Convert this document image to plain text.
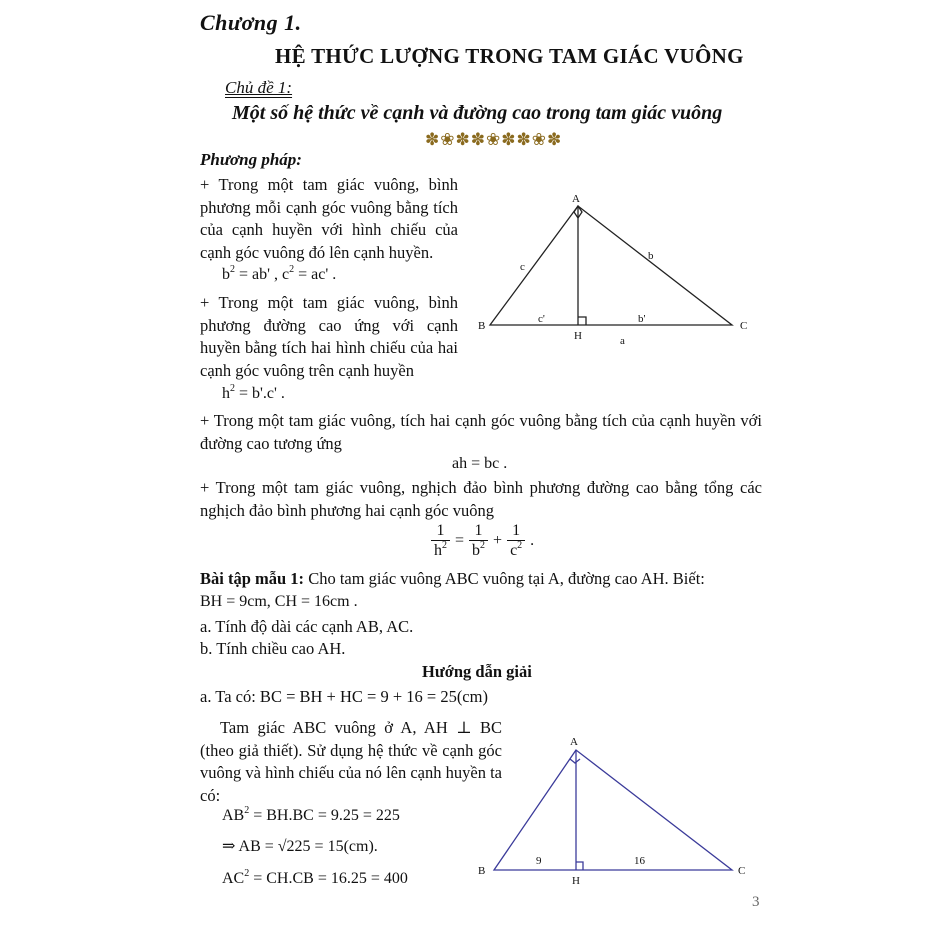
Chương 1.
HỆ THỨC LƯỢNG TRONG TAM GIÁC VUÔNG
Chủ đề 1:
Một số hệ thức về cạnh và đường cao trong tam giác vuông
✽❀✽✽❀✽✽❀✽
Phương pháp:
+ Trong một tam giác vuông, bình phương mỗi cạnh góc vuông bằng tích của cạnh huyền với hình chiếu của cạnh góc vuông đó lên cạnh huyền.
$b^2 = ab'$ , $c^2 = ac'$ .
+ Trong một tam giác vuông, bình phương đường cao ứng với cạnh huyền bằng tích hai hình chiếu của hai cạnh góc vuông trên cạnh huyền
$h^2 = b'.c'$ .
+ Trong một tam giác vuông, tích hai cạnh góc vuông bằng tích của cạnh huyền với đường cao tương ứng
ah = bc .
+ Trong một tam giác vuông, nghịch đảo bình phương đường cao bằng tổng các nghịch đảo bình phương hai cạnh góc vuông
$\frac{1}{h^2} = \frac{1}{b^2} + \frac{1}{c^2}$ .
Bài tập mẫu 1: Cho tam giác vuông ABC vuông tại A, đường cao AH. Biết:
BH = 9cm, CH = 16cm .
a. Tính độ dài các cạnh AB, AC.
b. Tính chiều cao AH.
Hướng dẫn giải
a. Ta có: BC = BH + HC = 9 + 16 = 25(cm)
Tam giác ABC vuông ở A, AH ⊥ BC (theo giả thiết). Sử dụng hệ thức về cạnh góc vuông và hình chiếu của nó lên cạnh huyền ta có:
$AB^2 = BH.BC = 9.25 = 225$
⇒ AB = √225 = 15(cm).
$AC^2 = CH.CB = 16.25 = 400$
A
B	C
H
c
b
c'	b'
a
A
B	C
H
9	16
3
